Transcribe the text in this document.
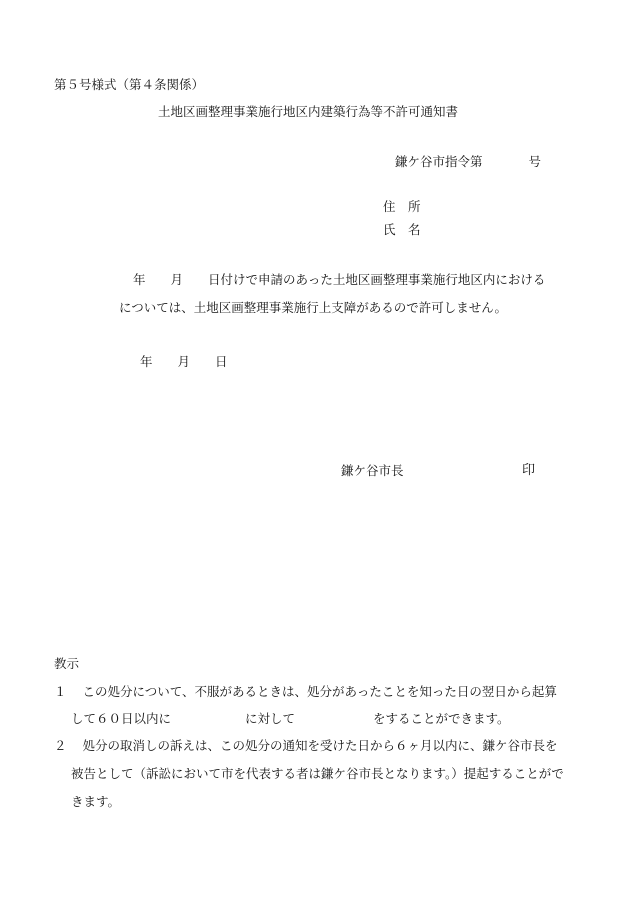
第５号様式（第４条関係）
土地区画整理事業施行地区内建築行為等不許可通知書
鎌ケ谷市指令第	号
住　所
氏　名
年 月 日付けで申請のあった土地区画整理事業施行地区内における
については、土地区画整理事業施行上支障があるので許可しません。
年 月 日
鎌ケ谷市長	印
教示
１ この処分について、不服があるときは、処分があったことを知った日の翌日から起算
して６０日以内に	に対して	をすることができます。
２ 処分の取消しの訴えは、この処分の通知を受けた日から６ヶ月以内に、鎌ケ谷市長を
被告として（訴訟において市を代表する者は鎌ケ谷市長となります。）提起することがで
きます。
